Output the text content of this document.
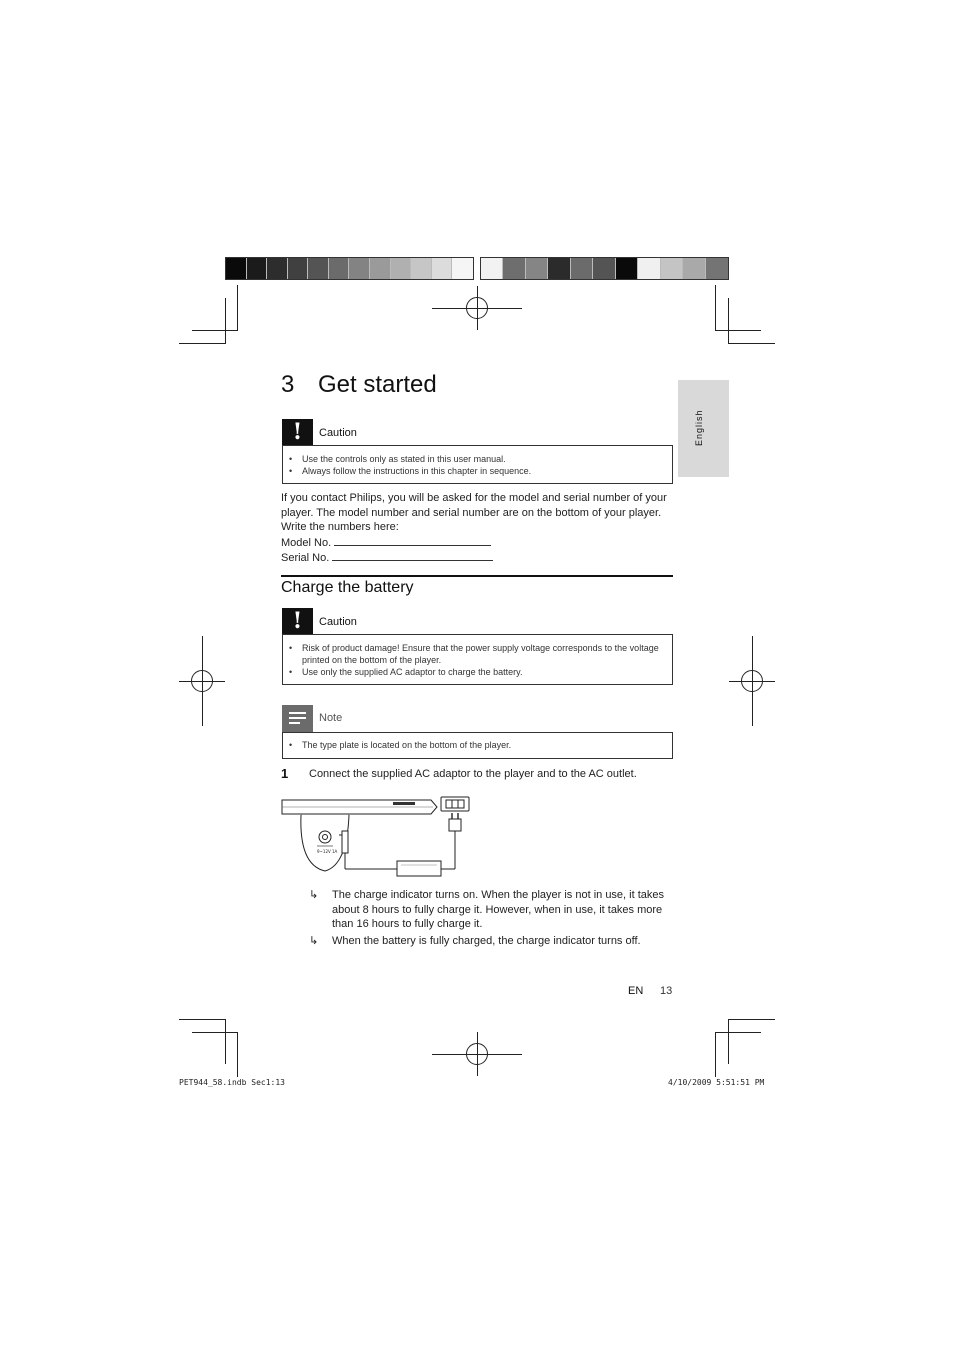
English
3 Get started
!	Caution
• Use the controls only as stated in this user manual.
• Always follow the instructions in this chapter in sequence.

If you contact Philips, you will be asked for the model and serial number of your player. The model number and serial number are on the bottom of your player. Write the numbers here:

Model No.

Serial No.

Charge the battery
!	Caution
• Risk of product damage! Ensure that the power supply voltage corresponds to the voltage printed on the bottom of the player.
• Use only the supplied AC adaptor to charge the battery.
Note
• The type plate is located on the bottom of the player.
1 Connect the supplied AC adaptor to the player and to the AC outlet.
9~12V 1A
↳ The charge indicator turns on. When the player is not in use, it takes about 8 hours to fully charge it. However, when in use, it takes more than 16 hours to fully charge it.
↳ When the battery is fully charged, the charge indicator turns off.
EN 13
PET944_58.indb Sec1:13	4/10/2009 5:51:51 PM
